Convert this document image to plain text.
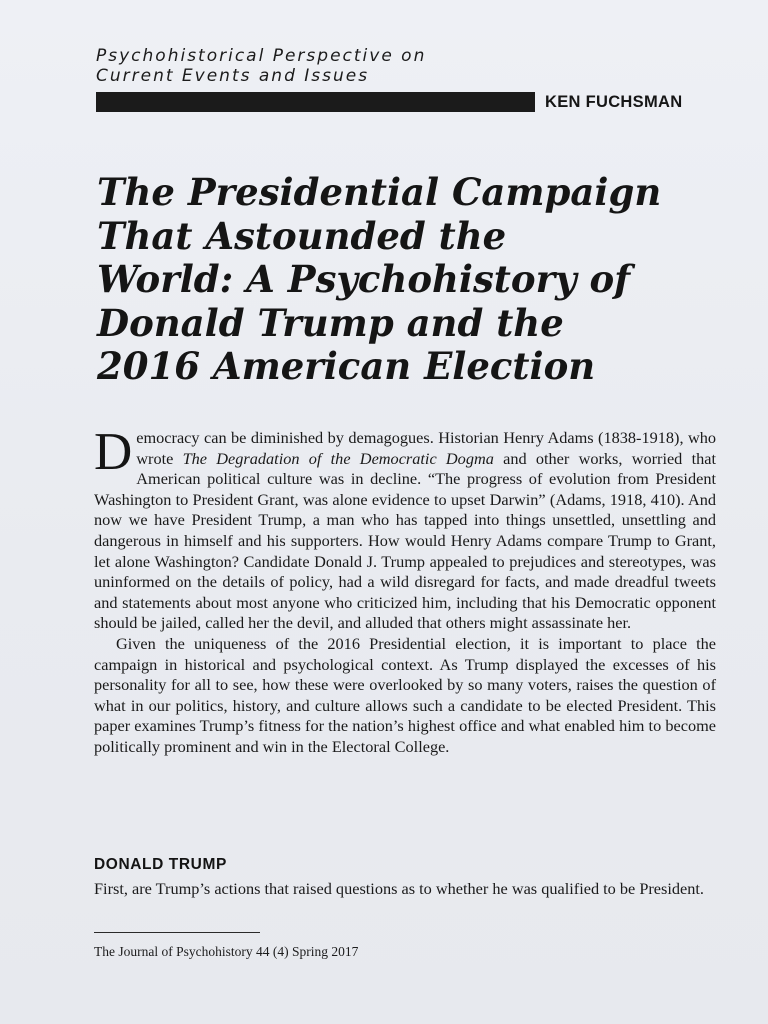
Psychohistorical Perspective on
Current Events and Issues
KEN FUCHSMAN
The Presidential Campaign
That Astounded the
World: A Psychohistory of
Donald Trump and the
2016 American Election

Democracy can be diminished by demagogues. Historian Henry Adams (1838-1918), who wrote The Degradation of the Democratic Dogma and other works, worried that American political culture was in decline. “The progress of evolution from President Washington to President Grant, was alone evidence to upset Darwin” (Adams, 1918, 410). And now we have President Trump, a man who has tapped into things unsettled, unsettling and dangerous in himself and his supporters. How would Henry Adams compare Trump to Grant, let alone Washington? Candidate Donald J. Trump appealed to prejudices and stereotypes, was uninformed on the details of policy, had a wild disregard for facts, and made dreadful tweets and statements about most anyone who criticized him, including that his Democratic opponent should be jailed, called her the devil, and alluded that others might assassinate her.

Given the uniqueness of the 2016 Presidential election, it is important to place the campaign in historical and psychological context. As Trump displayed the excesses of his personality for all to see, how these were overlooked by so many voters, raises the question of what in our politics, history, and culture allows such a candidate to be elected President. This paper examines Trump’s fitness for the nation’s highest office and what enabled him to become politically prominent and win in the Electoral College.

DONALD TRUMP
First, are Trump’s actions that raised questions as to whether he was qualified to be President.
The Journal of Psychohistory 44 (4) Spring 2017
